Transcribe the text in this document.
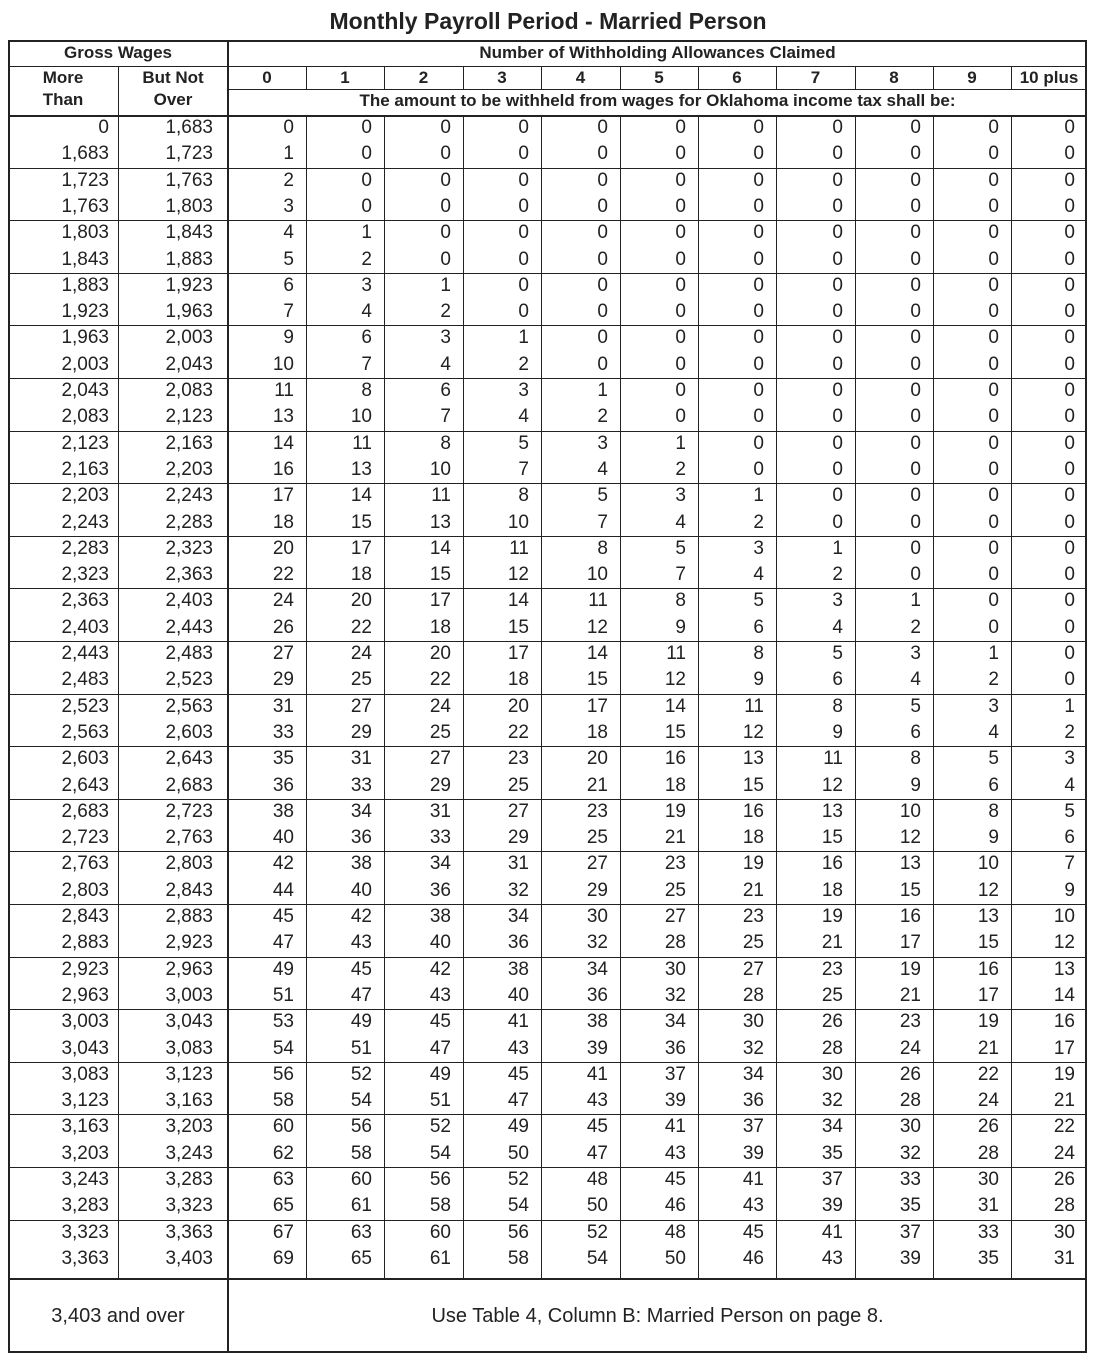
Monthly Payroll Period - Married Person
Gross Wages
More
Than
But Not
Over
Number of Withholding Allowances Claimed
0	1	2	3	4	5	6	7	8	9	10 plus
The amount to be withheld from wages for Oklahoma income tax shall be:
0	1,683	0	0	0	0	0	0	0	0	0	0	0
1,683	1,723	1	0	0	0	0	0	0	0	0	0	0
1,723	1,763	2	0	0	0	0	0	0	0	0	0	0
1,763	1,803	3	0	0	0	0	0	0	0	0	0	0
1,803	1,843	4	1	0	0	0	0	0	0	0	0	0
1,843	1,883	5	2	0	0	0	0	0	0	0	0	0
1,883	1,923	6	3	1	0	0	0	0	0	0	0	0
1,923	1,963	7	4	2	0	0	0	0	0	0	0	0
1,963	2,003	9	6	3	1	0	0	0	0	0	0	0
2,003	2,043	10	7	4	2	0	0	0	0	0	0	0
2,043	2,083	11	8	6	3	1	0	0	0	0	0	0
2,083	2,123	13	10	7	4	2	0	0	0	0	0	0
2,123	2,163	14	11	8	5	3	1	0	0	0	0	0
2,163	2,203	16	13	10	7	4	2	0	0	0	0	0
2,203	2,243	17	14	11	8	5	3	1	0	0	0	0
2,243	2,283	18	15	13	10	7	4	2	0	0	0	0
2,283	2,323	20	17	14	11	8	5	3	1	0	0	0
2,323	2,363	22	18	15	12	10	7	4	2	0	0	0
2,363	2,403	24	20	17	14	11	8	5	3	1	0	0
2,403	2,443	26	22	18	15	12	9	6	4	2	0	0
2,443	2,483	27	24	20	17	14	11	8	5	3	1	0
2,483	2,523	29	25	22	18	15	12	9	6	4	2	0
2,523	2,563	31	27	24	20	17	14	11	8	5	3	1
2,563	2,603	33	29	25	22	18	15	12	9	6	4	2
2,603	2,643	35	31	27	23	20	16	13	11	8	5	3
2,643	2,683	36	33	29	25	21	18	15	12	9	6	4
2,683	2,723	38	34	31	27	23	19	16	13	10	8	5
2,723	2,763	40	36	33	29	25	21	18	15	12	9	6
2,763	2,803	42	38	34	31	27	23	19	16	13	10	7
2,803	2,843	44	40	36	32	29	25	21	18	15	12	9
2,843	2,883	45	42	38	34	30	27	23	19	16	13	10
2,883	2,923	47	43	40	36	32	28	25	21	17	15	12
2,923	2,963	49	45	42	38	34	30	27	23	19	16	13
2,963	3,003	51	47	43	40	36	32	28	25	21	17	14
3,003	3,043	53	49	45	41	38	34	30	26	23	19	16
3,043	3,083	54	51	47	43	39	36	32	28	24	21	17
3,083	3,123	56	52	49	45	41	37	34	30	26	22	19
3,123	3,163	58	54	51	47	43	39	36	32	28	24	21
3,163	3,203	60	56	52	49	45	41	37	34	30	26	22
3,203	3,243	62	58	54	50	47	43	39	35	32	28	24
3,243	3,283	63	60	56	52	48	45	41	37	33	30	26
3,283	3,323	65	61	58	54	50	46	43	39	35	31	28
3,323	3,363	67	63	60	56	52	48	45	41	37	33	30
3,363	3,403	69	65	61	58	54	50	46	43	39	35	31
3,403 and over	Use Table 4, Column B: Married Person on page 8.
